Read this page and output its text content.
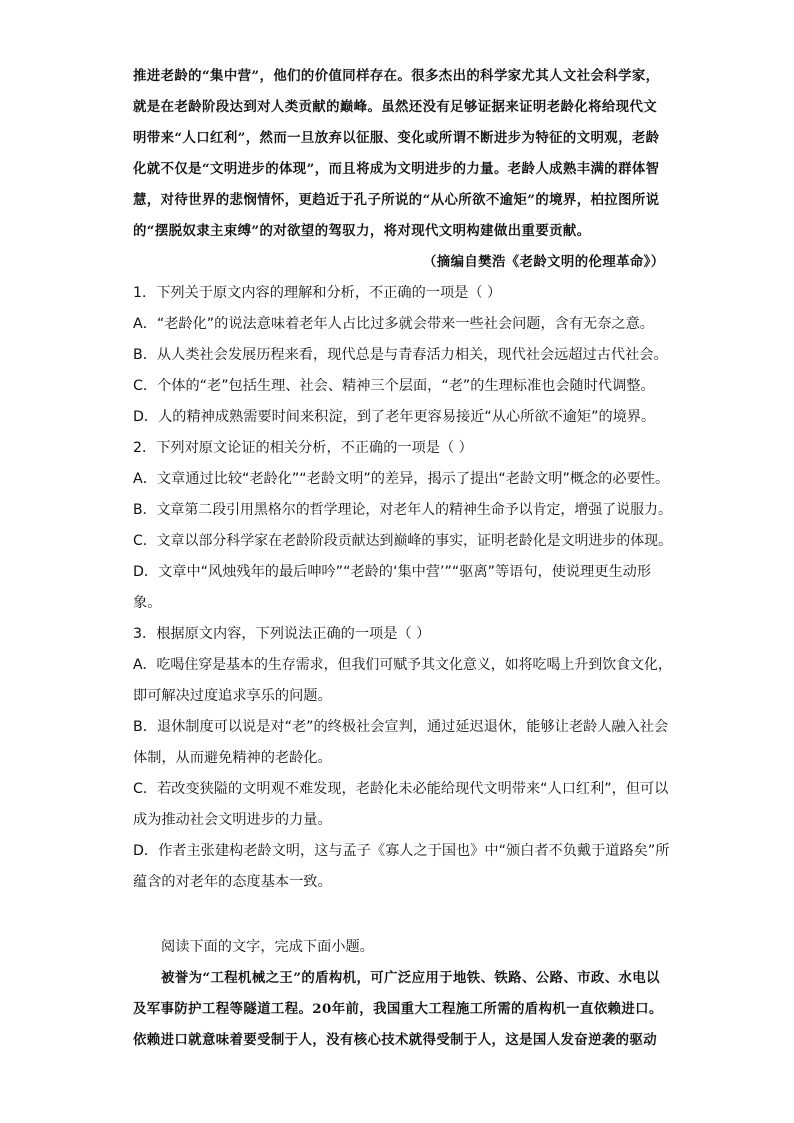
推进老龄的“集中营”，他们的价值同样存在。很多杰出的科学家尤其人文社会科学家，
就是在老龄阶段达到对人类贡献的巅峰。虽然还没有足够证据来证明老龄化将给现代文
明带来“人口红利”，然而一旦放弃以征服、变化或所谓不断进步为特征的文明观，老龄
化就不仅是“文明进步的体现”，而且将成为文明进步的力量。老龄人成熟丰满的群体智
慧，对待世界的悲悯情怀，更趋近于孔子所说的“从心所欲不逾矩”的境界，柏拉图所说
的“摆脱奴隶主束缚”的对欲望的驾驭力，将对现代文明构建做出重要贡献。
（摘编自樊浩《老龄文明的伦理革命》）
1．下列关于原文内容的理解和分析，不正确的一项是（ ）
A．“老龄化”的说法意味着老年人占比过多就会带来一些社会问题，含有无奈之意。
B．从人类社会发展历程来看，现代总是与青春活力相关，现代社会远超过古代社会。
C．个体的“老”包括生理、社会、精神三个层面，“老”的生理标准也会随时代调整。
D．人的精神成熟需要时间来积淀，到了老年更容易接近“从心所欲不逾矩”的境界。
2．下列对原文论证的相关分析，不正确的一项是（ ）
A．文章通过比较“老龄化”“老龄文明”的差异，揭示了提出“老龄文明”概念的必要性。
B．文章第二段引用黑格尔的哲学理论，对老年人的精神生命予以肯定，增强了说服力。
C．文章以部分科学家在老龄阶段贡献达到巅峰的事实，证明老龄化是文明进步的体现。
D．文章中“风烛残年的最后呻吟”“老龄的‘集中营’”“驱离”等语句，使说理更生动形
象。
3．根据原文内容，下列说法正确的一项是（ ）
A．吃喝住穿是基本的生存需求，但我们可赋予其文化意义，如将吃喝上升到饮食文化，
即可解决过度追求享乐的问题。
B．退休制度可以说是对“老”的终极社会宣判，通过延迟退休，能够让老龄人融入社会
体制，从而避免精神的老龄化。
C．若改变狭隘的文明观不难发现，老龄化未必能给现代文明带来“人口红利”，但可以
成为推动社会文明进步的力量。
D．作者主张建构老龄文明，这与孟子《寡人之于国也》中“颁白者不负戴于道路矣”所
蕴含的对老年的态度基本一致。
阅读下面的文字，完成下面小题。
被誉为“工程机械之王”的盾构机，可广泛应用于地铁、铁路、公路、市政、水电以
及军事防护工程等隧道工程。20年前，我国重大工程施工所需的盾构机一直依赖进口。
依赖进口就意味着要受制于人，没有核心技术就得受制于人，这是国人发奋逆袭的驱动
